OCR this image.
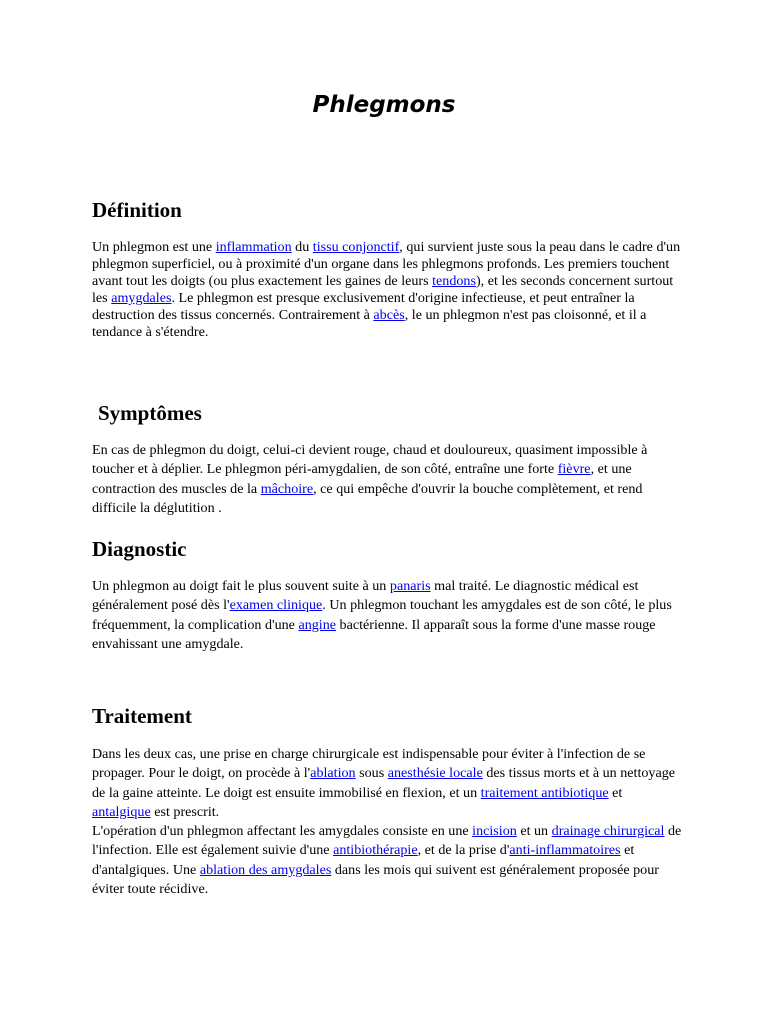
Phlegmons
Définition

Un phlegmon est une inflammation du tissu conjonctif, qui survient juste sous la peau dans le cadre d'un phlegmon superficiel, ou à proximité d'un organe dans les phlegmons profonds. Les premiers touchent avant tout les doigts (ou plus exactement les gaines de leurs tendons), et les seconds concernent surtout les amygdales. Le phlegmon est presque exclusivement d'origine infectieuse, et peut entraîner la destruction des tissus concernés. Contrairement à abcès, le un phlegmon n'est pas cloisonné, et il a tendance à s'étendre.

Symptômes

En cas de phlegmon du doigt, celui-ci devient rouge, chaud et douloureux, quasiment impossible à toucher et à déplier. Le phlegmon péri-amygdalien, de son côté, entraîne une forte fièvre, et une contraction des muscles de la mâchoire, ce qui empêche d'ouvrir la bouche complètement, et rend difficile la déglutition .

Diagnostic

Un phlegmon au doigt fait le plus souvent suite à un panaris mal traité. Le diagnostic médical est généralement posé dès l'examen clinique. Un phlegmon touchant les amygdales est de son côté, le plus fréquemment, la complication d'une angine bactérienne. Il apparaît sous la forme d'une masse rouge envahissant une amygdale.

Traitement

Dans les deux cas, une prise en charge chirurgicale est indispensable pour éviter à l'infection de se propager. Pour le doigt, on procède à l'ablation sous anesthésie locale des tissus morts et à un nettoyage de la gaine atteinte. Le doigt est ensuite immobilisé en flexion, et un traitement antibiotique et antalgique est prescrit.

L'opération d'un phlegmon affectant les amygdales consiste en une incision et un drainage chirurgical de l'infection. Elle est également suivie d'une antibiothérapie, et de la prise d'anti-inflammatoires et d'antalgiques. Une ablation des amygdales dans les mois qui suivent est généralement proposée pour éviter toute récidive.
